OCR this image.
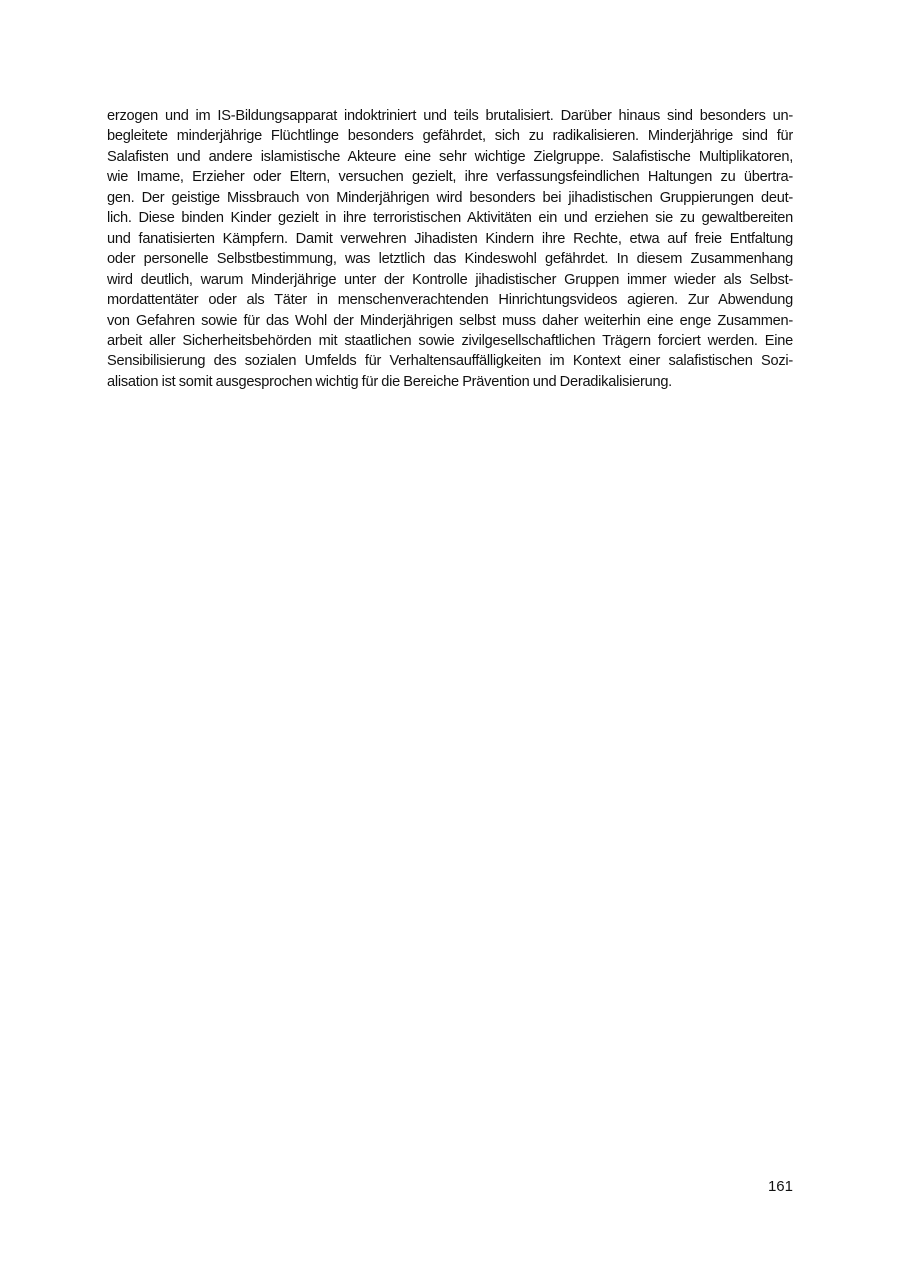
erzogen und im IS-Bildungsapparat indoktriniert und teils brutalisiert. Darüber hinaus sind besonders un-
begleitete minderjährige Flüchtlinge besonders gefährdet, sich zu radikalisieren. Minderjährige sind für
Salafisten und andere islamistische Akteure eine sehr wichtige Zielgruppe. Salafistische Multiplikatoren,
wie Imame, Erzieher oder Eltern, versuchen gezielt, ihre verfassungsfeindlichen Haltungen zu übertra-
gen. Der geistige Missbrauch von Minderjährigen wird besonders bei jihadistischen Gruppierungen deut-
lich. Diese binden Kinder gezielt in ihre terroristischen Aktivitäten ein und erziehen sie zu gewaltbereiten
und fanatisierten Kämpfern. Damit verwehren Jihadisten Kindern ihre Rechte, etwa auf freie Entfaltung
oder personelle Selbstbestimmung, was letztlich das Kindeswohl gefährdet. In diesem Zusammenhang
wird deutlich, warum Minderjährige unter der Kontrolle jihadistischer Gruppen immer wieder als Selbst-
mordattentäter oder als Täter in menschenverachtenden Hinrichtungsvideos agieren. Zur Abwendung
von Gefahren sowie für das Wohl der Minderjährigen selbst muss daher weiterhin eine enge Zusammen-
arbeit aller Sicherheitsbehörden mit staatlichen sowie zivilgesellschaftlichen Trägern forciert werden. Eine
Sensibilisierung des sozialen Umfelds für Verhaltensauffälligkeiten im Kontext einer salafistischen Sozi-
alisation ist somit ausgesprochen wichtig für die Bereiche Prävention und Deradikalisierung.
161
